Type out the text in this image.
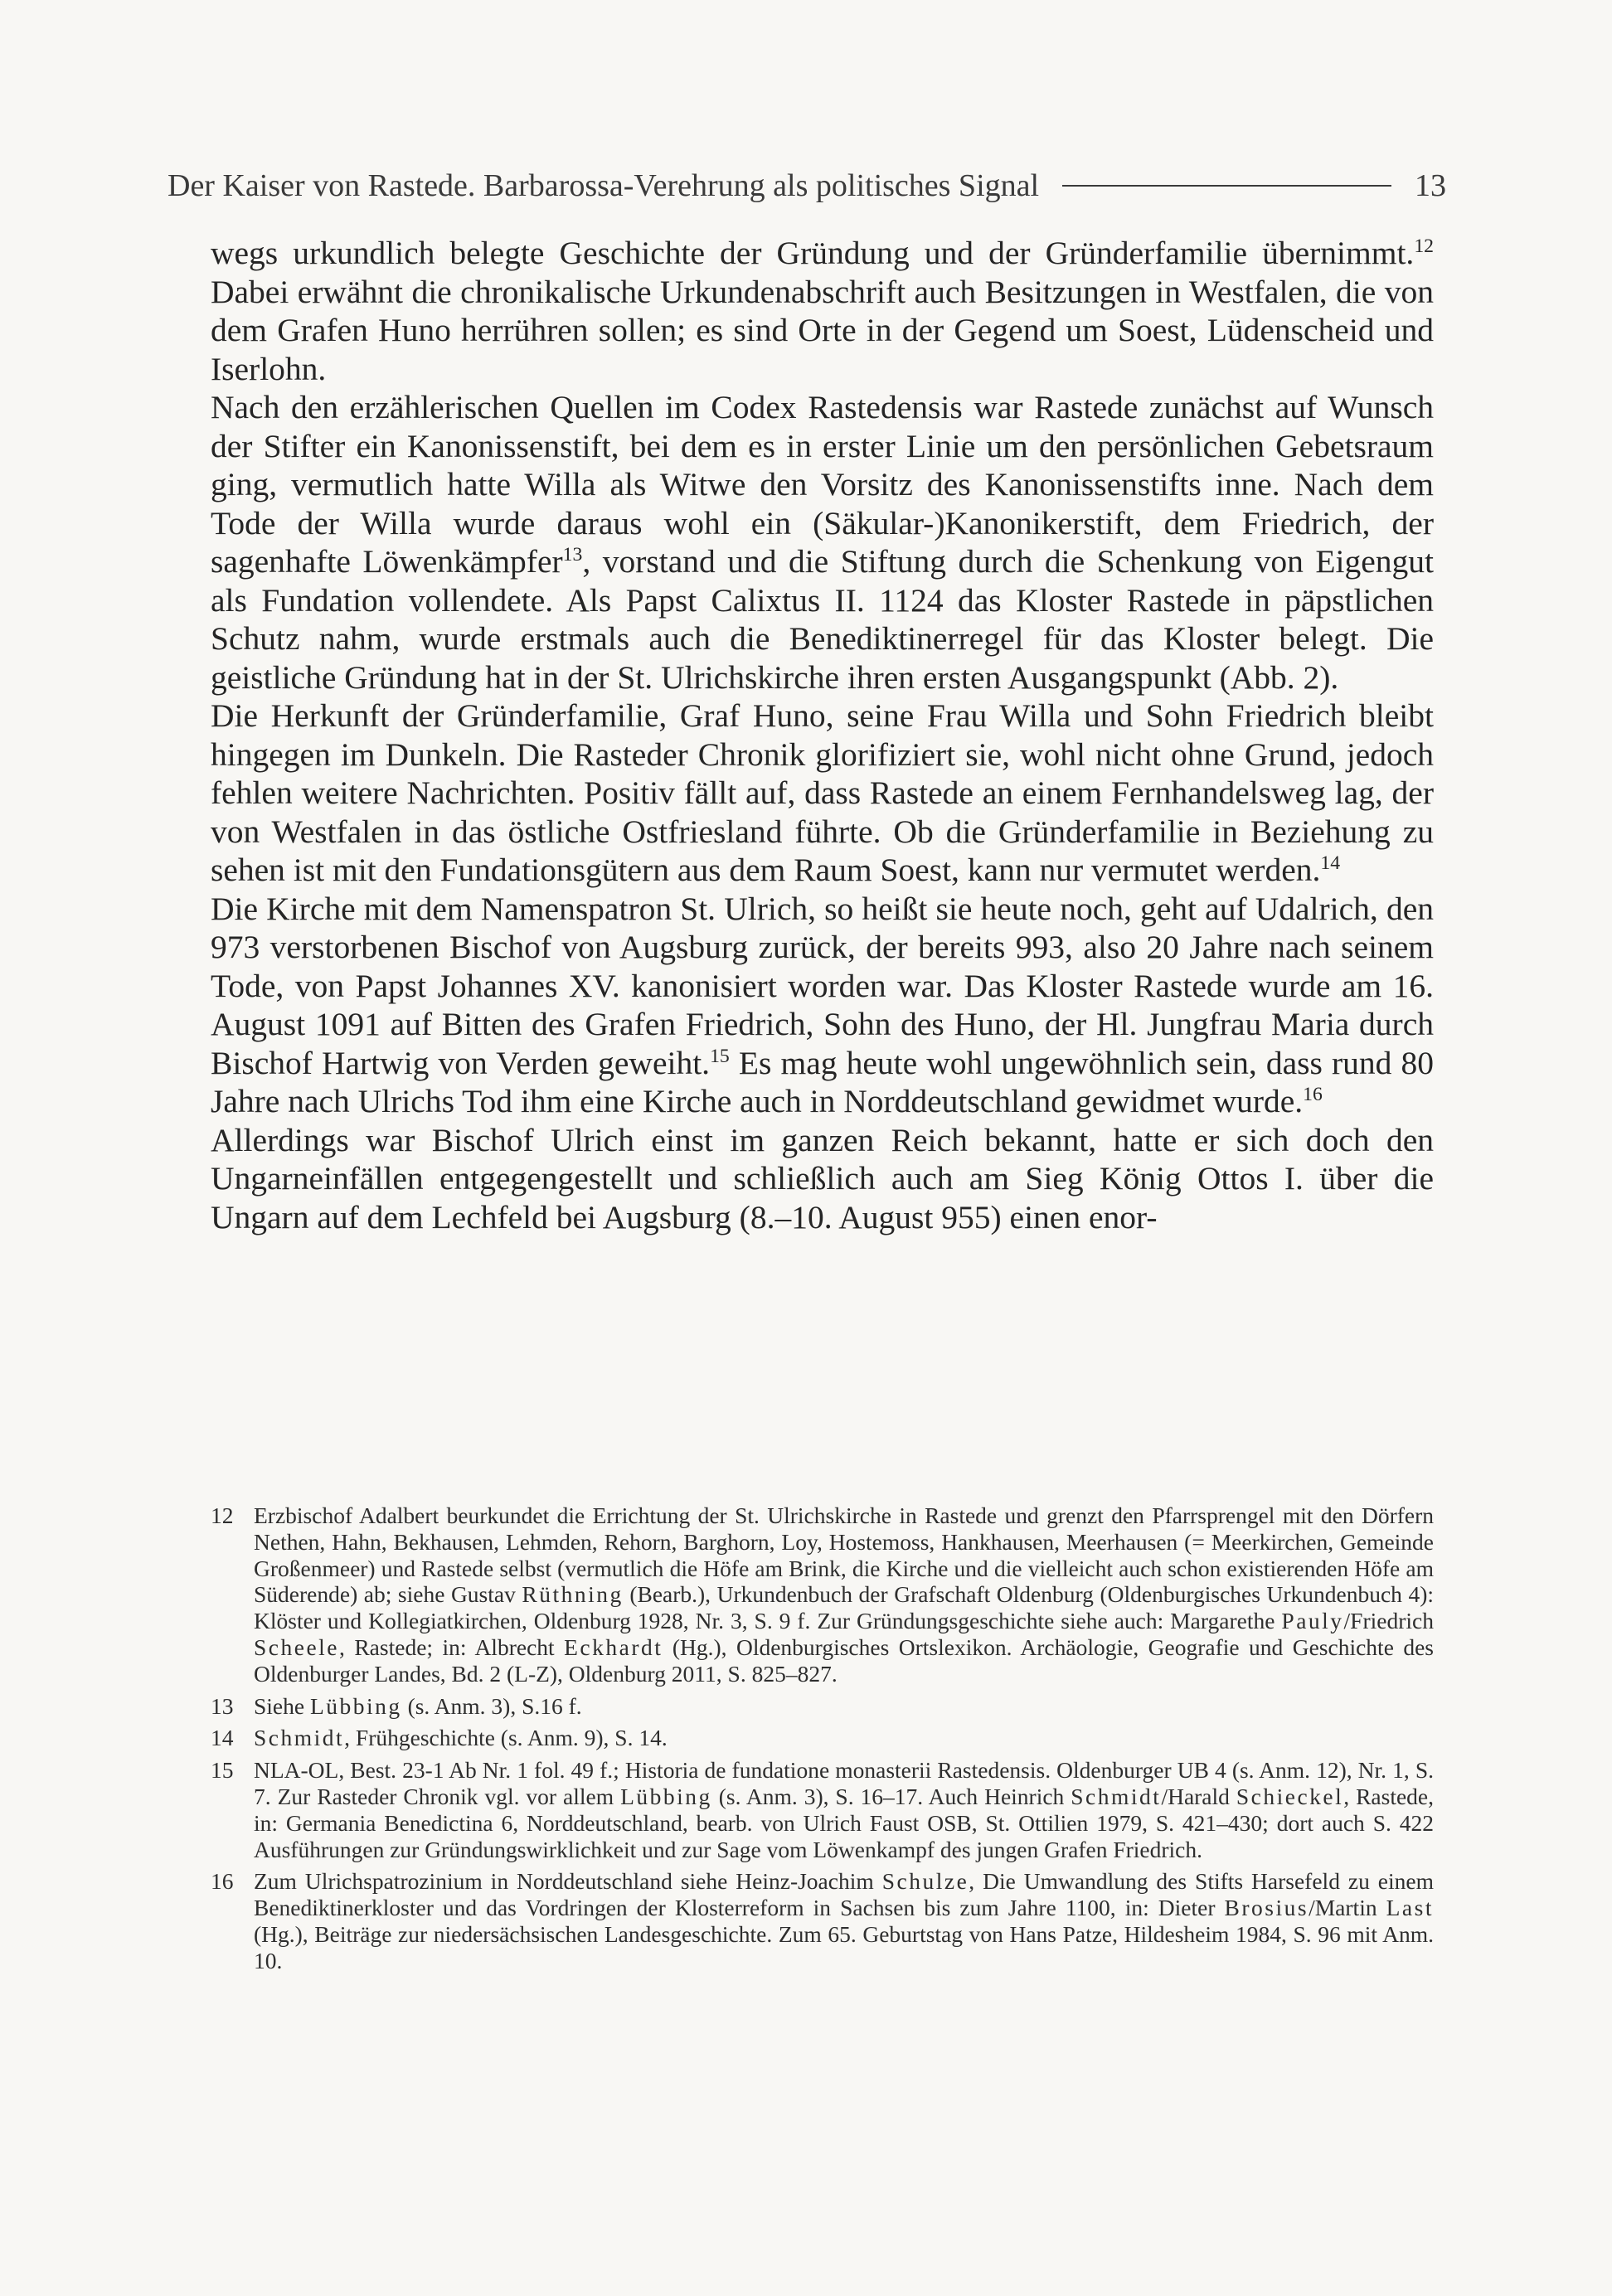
Der Kaiser von Rastede. Barbarossa-Verehrung als politisches Signal	13

wegs urkundlich belegte Geschichte der Gründung und der Gründerfamilie übernimmt.$^{12}$ Dabei erwähnt die chronikalische Urkundenabschrift auch Besitzungen in Westfalen, die von dem Grafen Huno herrühren sollen; es sind Orte in der Gegend um Soest, Lüdenscheid und Iserlohn.

Nach den erzählerischen Quellen im Codex Rastedensis war Rastede zunächst auf Wunsch der Stifter ein Kanonissenstift, bei dem es in erster Linie um den persönlichen Gebetsraum ging, vermutlich hatte Willa als Witwe den Vorsitz des Kanonissenstifts inne. Nach dem Tode der Willa wurde daraus wohl ein (Säkular-)Kanonikerstift, dem Friedrich, der sagenhafte Löwenkämpfer$^{13}$, vorstand und die Stiftung durch die Schenkung von Eigengut als Fundation vollendete. Als Papst Calixtus II. 1124 das Kloster Rastede in päpstlichen Schutz nahm, wurde erstmals auch die Benediktinerregel für das Kloster belegt. Die geistliche Gründung hat in der St. Ulrichskirche ihren ersten Ausgangspunkt (Abb. 2).

Die Herkunft der Gründerfamilie, Graf Huno, seine Frau Willa und Sohn Friedrich bleibt hingegen im Dunkeln. Die Rasteder Chronik glorifiziert sie, wohl nicht ohne Grund, jedoch fehlen weitere Nachrichten. Positiv fällt auf, dass Rastede an einem Fernhandelsweg lag, der von Westfalen in das östliche Ostfriesland führte. Ob die Gründerfamilie in Beziehung zu sehen ist mit den Fundationsgütern aus dem Raum Soest, kann nur vermutet werden.$^{14}$

Die Kirche mit dem Namenspatron St. Ulrich, so heißt sie heute noch, geht auf Udalrich, den 973 verstorbenen Bischof von Augsburg zurück, der bereits 993, also 20 Jahre nach seinem Tode, von Papst Johannes XV. kanonisiert worden war. Das Kloster Rastede wurde am 16. August 1091 auf Bitten des Grafen Friedrich, Sohn des Huno, der Hl. Jungfrau Maria durch Bischof Hartwig von Verden geweiht.$^{15}$ Es mag heute wohl ungewöhnlich sein, dass rund 80 Jahre nach Ulrichs Tod ihm eine Kirche auch in Norddeutschland gewidmet wurde.$^{16}$

Allerdings war Bischof Ulrich einst im ganzen Reich bekannt, hatte er sich doch den Ungarneinfällen entgegengestellt und schließlich auch am Sieg König Ottos I. über die Ungarn auf dem Lechfeld bei Augsburg (8.–10. August 955) einen enor-

12 Erzbischof Adalbert beurkundet die Errichtung der St. Ulrichskirche in Rastede und grenzt den Pfarrsprengel mit den Dörfern Nethen, Hahn, Bekhausen, Lehmden, Rehorn, Barghorn, Loy, Hostemoss, Hankhausen, Meerhausen (= Meerkirchen, Gemeinde Großenmeer) und Rastede selbst (vermutlich die Höfe am Brink, die Kirche und die vielleicht auch schon existierenden Höfe am Süderende) ab; siehe Gustav Rüthning (Bearb.), Urkundenbuch der Grafschaft Oldenburg (Oldenburgisches Urkundenbuch 4): Klöster und Kollegiatkirchen, Oldenburg 1928, Nr. 3, S. 9 f. Zur Gründungsgeschichte siehe auch: Margarethe Pauly/Friedrich Scheele, Rastede; in: Albrecht Eckhardt (Hg.), Oldenburgisches Ortslexikon. Archäologie, Geografie und Geschichte des Oldenburger Landes, Bd. 2 (L-Z), Oldenburg 2011, S. 825–827.
13 Siehe Lübbing (s. Anm. 3), S.16 f.
14 Schmidt, Frühgeschichte (s. Anm. 9), S. 14.
15 NLA-OL, Best. 23-1 Ab Nr. 1 fol. 49 f.; Historia de fundatione monasterii Rastedensis. Oldenburger UB 4 (s. Anm. 12), Nr. 1, S. 7. Zur Rasteder Chronik vgl. vor allem Lübbing (s. Anm. 3), S. 16–17. Auch Heinrich Schmidt/Harald Schieckel, Rastede, in: Germania Benedictina 6, Norddeutschland, bearb. von Ulrich Faust OSB, St. Ottilien 1979, S. 421–430; dort auch S. 422 Ausführungen zur Gründungswirklichkeit und zur Sage vom Löwenkampf des jungen Grafen Friedrich.
16 Zum Ulrichspatrozinium in Norddeutschland siehe Heinz-Joachim Schulze, Die Umwandlung des Stifts Harsefeld zu einem Benediktinerkloster und das Vordringen der Klosterreform in Sachsen bis zum Jahre 1100, in: Dieter Brosius/Martin Last (Hg.), Beiträge zur niedersächsischen Landesgeschichte. Zum 65. Geburtstag von Hans Patze, Hildesheim 1984, S. 96 mit Anm. 10.
